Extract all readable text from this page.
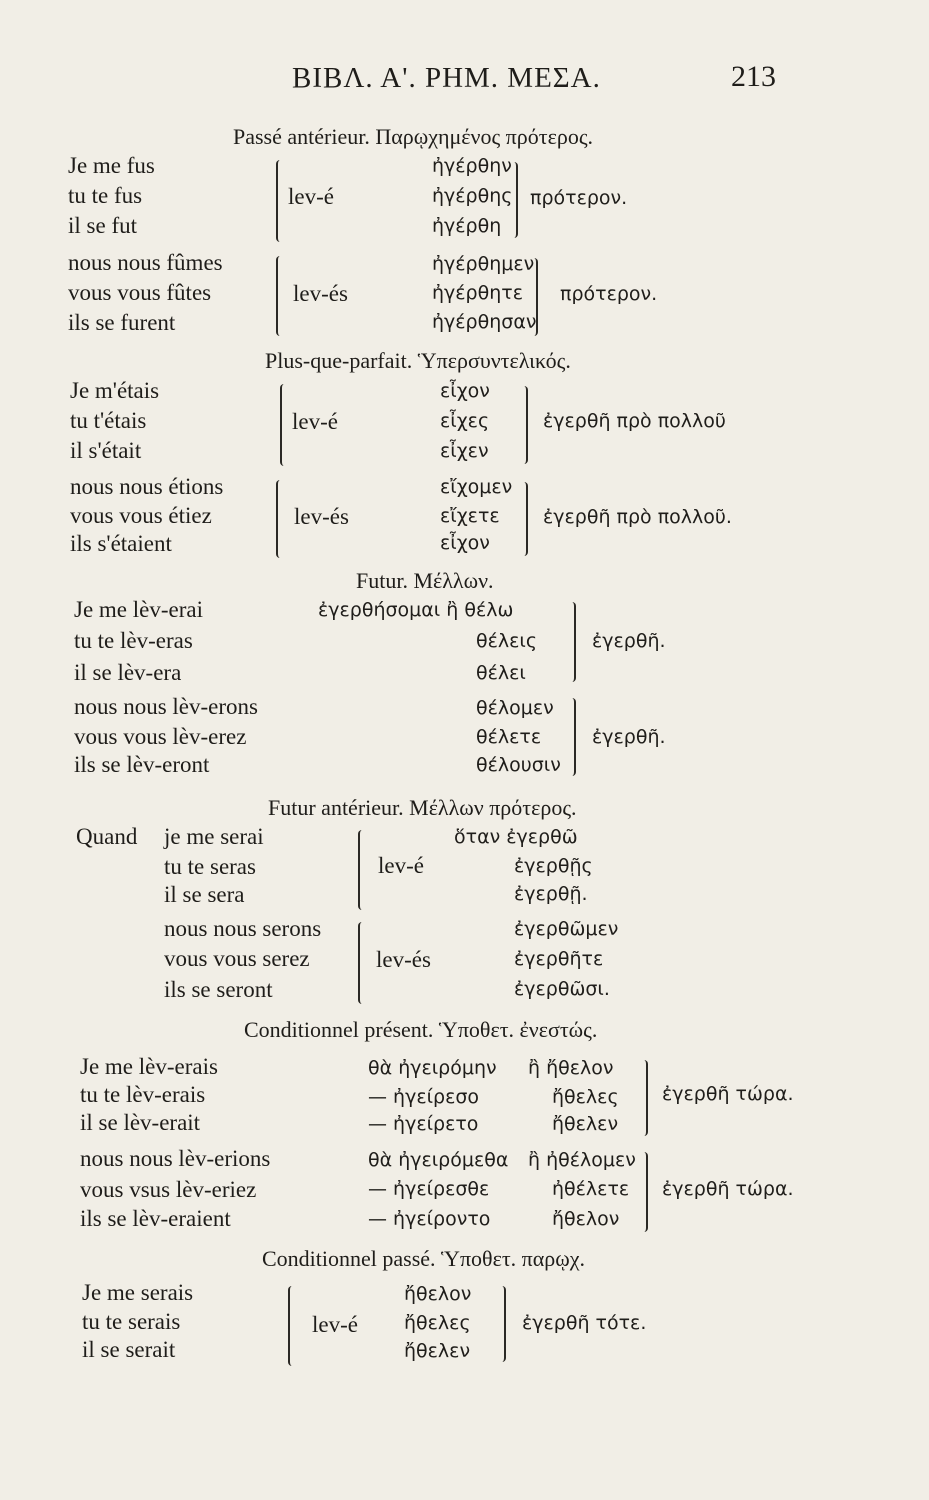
ΒΙΒΛ. Α'. ΡΗΜ. ΜΕΣΑ.	213
Passé antérieur. Παρῳχημένος πρότερος.
Je me fus
tu te fus
il se fut
nous nous fûmes
vous vous fûtes
ils se furent
lev-é
lev-és
ἠγέρθην
ἠγέρθης
ἠγέρθη
ἠγέρθημεν
ἠγέρθητε
ἠγέρθησαν
πρότερον.
πρότερον.
Plus-que-parfait. Ὑπερσυντελικός.
Je m'étais
tu t'étais
il s'était
nous nous étions
vous vous étiez
ils s'étaient
lev-é
lev-és
εἶχον
εἶχες
εἶχεν
εἴχομεν
εἴχετε
εἶχον
ἐγερθῆ πρὸ πολλοῦ
ἐγερθῆ πρὸ πολλοῦ.
Futur. Μέλλων.
Je me lèv-erai
tu te lèv-eras
il se lèv-era
nous nous lèv-erons
vous vous lèv-erez
ils se lèv-eront
ἐγερθήσομαι ἢ θέλω
θέλεις
θέλει
θέλομεν
θέλετε
θέλουσιν
ἐγερθῆ.
ἐγερθῆ.
Futur antérieur. Μέλλων πρότερος.
Quand je me serai
tu te seras
il se sera
nous nous serons
vous vous serez
ils se seront
lev-é
lev-és
ὅταν ἐγερθῶ
ἐγερθῇς
ἐγερθῇ.
ἐγερθῶμεν
ἐγερθῆτε
ἐγερθῶσι.
Conditionnel présent. Ὑποθετ. ἐνεστώς.
Je me lèv-erais
tu te lèv-erais
il se lèv-erait
nous nous lèv-erions
vous vsus lèv-eriez
ils se lèv-eraient
θὰ ἠγειρόμην
— ἠγείρεσο
— ἠγείρετο
θὰ ἠγειρόμεθα
— ἠγείρεσθε
— ἠγείροντο
ἢ ἤθελον
ἤθελες
ἤθελεν
ἢ ἠθέλομεν
ἠθέλετε
ἤθελον
ἐγερθῆ τώρα.
ἐγερθῆ τώρα.
Conditionnel passé. Ὑποθετ. παρῳχ.
Je me serais
tu te serais
il se serait
lev-é
ἤθελον
ἤθελες
ἤθελεν
ἐγερθῆ τότε.
